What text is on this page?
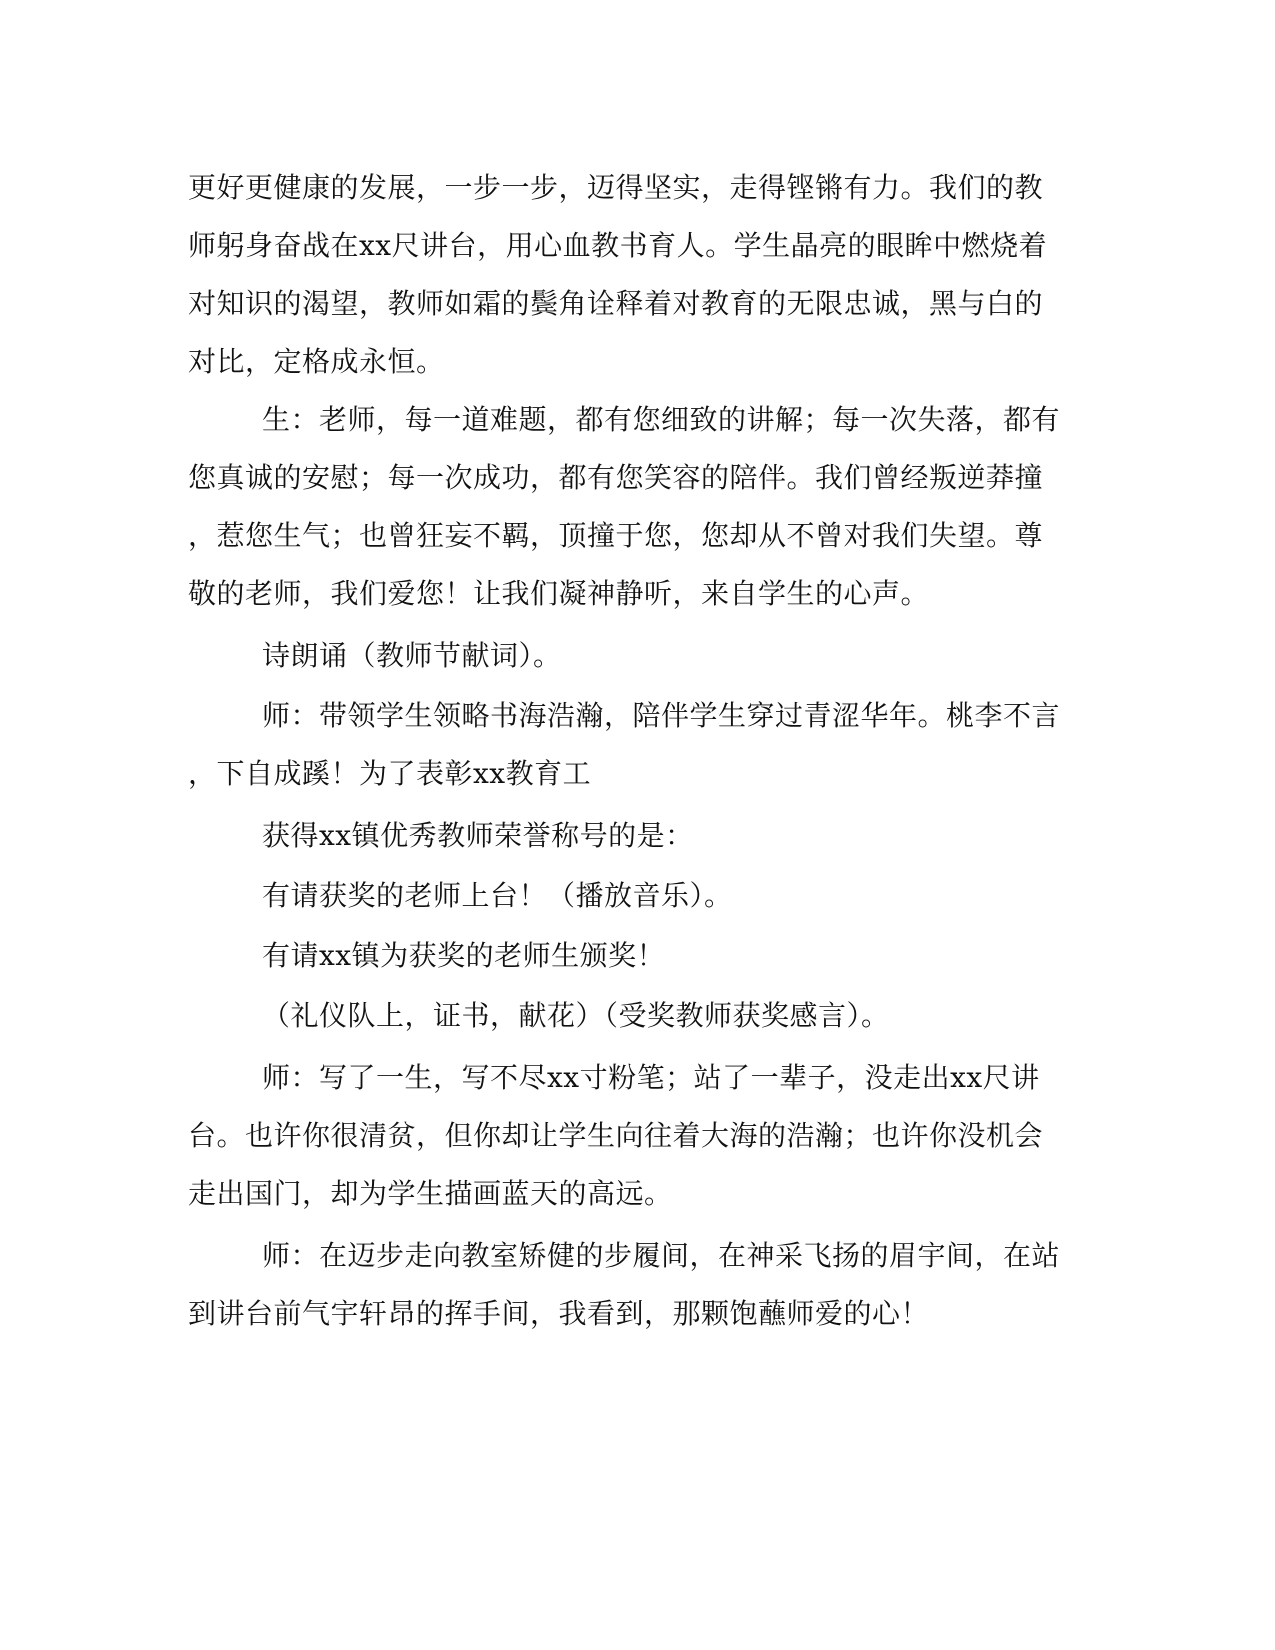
更好更健康的发展，一步一步，迈得坚实，走得铿锵有力。我们的教
师躬身奋战在xx尺讲台，用心血教书育人。学生晶亮的眼眸中燃烧着
对知识的渴望，教师如霜的鬓角诠释着对教育的无限忠诚，黑与白的
对比，定格成永恒。
生：老师，每一道难题，都有您细致的讲解；每一次失落，都有
您真诚的安慰；每一次成功，都有您笑容的陪伴。我们曾经叛逆莽撞
，惹您生气；也曾狂妄不羁，顶撞于您，您却从不曾对我们失望。尊
敬的老师，我们爱您！让我们凝神静听，来自学生的心声。
诗朗诵（教师节献词）。
师：带领学生领略书海浩瀚，陪伴学生穿过青涩华年。桃李不言
，下自成蹊！为了表彰xx教育工
获得xx镇优秀教师荣誉称号的是：
有请获奖的老师上台！（播放音乐）。
有请xx镇为获奖的老师生颁奖！
（礼仪队上，证书，献花）（受奖教师获奖感言）。
师：写了一生，写不尽xx寸粉笔；站了一辈子，没走出xx尺讲
台。也许你很清贫，但你却让学生向往着大海的浩瀚；也许你没机会
走出国门，却为学生描画蓝天的高远。
师：在迈步走向教室矫健的步履间，在神采飞扬的眉宇间，在站
到讲台前气宇轩昂的挥手间，我看到，那颗饱蘸师爱的心！
